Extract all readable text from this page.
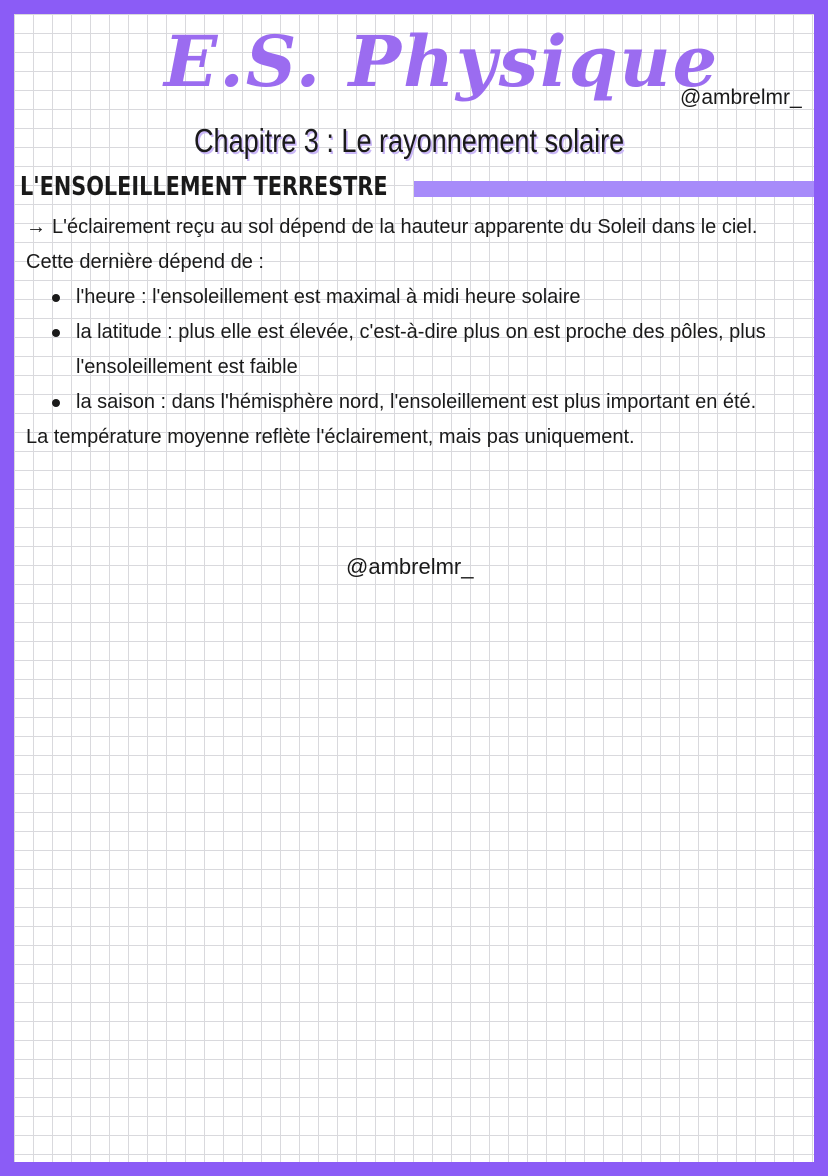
E.S. Physique
@ambrelmr_
Chapitre 3 : Le rayonnement solaire
L'ENSOLEILLEMENT TERRESTRE
→ L'éclairement reçu au sol dépend de la hauteur apparente du Soleil dans le ciel.
Cette dernière dépend de :
l'heure : l'ensoleillement est maximal à midi heure solaire
la latitude : plus elle est élevée, c'est-à-dire plus on est proche des pôles, plus l'ensoleillement est faible
la saison : dans l'hémisphère nord, l'ensoleillement est plus important en été.
La température moyenne reflète l'éclairement, mais pas uniquement.
@ambrelmr_
